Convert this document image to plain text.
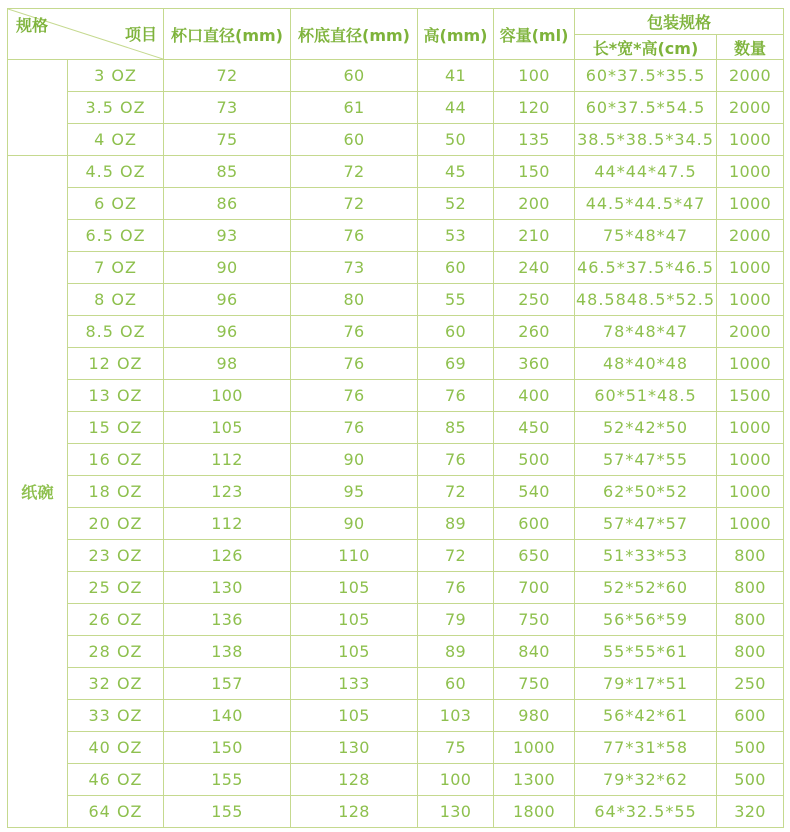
规格 项目		杯口直径(mm)	杯底直径(mm)	高(mm)	容量(ml)	包装规格	
						长*宽*高(cm)	数量
	3 OZ	72	60	41	100	60*37.5*35.5	2000
	3.5 OZ	73	61	44	120	60*37.5*54.5	2000
	4 OZ	75	60	50	135	38.5*38.5*34.5	1000
纸碗	4.5 OZ	85	72	45	150	44*44*47.5	1000
	6 OZ	86	72	52	200	44.5*44.5*47	1000
	6.5 OZ	93	76	53	210	75*48*47	2000
	7 OZ	90	73	60	240	46.5*37.5*46.5	1000
	8 OZ	96	80	55	250	48.5848.5*52.5	1000
	8.5 OZ	96	76	60	260	78*48*47	2000
	12 OZ	98	76	69	360	48*40*48	1000
	13 OZ	100	76	76	400	60*51*48.5	1500
	15 OZ	105	76	85	450	52*42*50	1000
	16 OZ	112	90	76	500	57*47*55	1000
	18 OZ	123	95	72	540	62*50*52	1000
	20 OZ	112	90	89	600	57*47*57	1000
	23 OZ	126	110	72	650	51*33*53	800
	25 OZ	130	105	76	700	52*52*60	800
	26 OZ	136	105	79	750	56*56*59	800
	28 OZ	138	105	89	840	55*55*61	800
	32 OZ	157	133	60	750	79*17*51	250
	33 OZ	140	105	103	980	56*42*61	600
	40 OZ	150	130	75	1000	77*31*58	500
	46 OZ	155	128	100	1300	79*32*62	500
	64 OZ	155	128	130	1800	64*32.5*55	320
